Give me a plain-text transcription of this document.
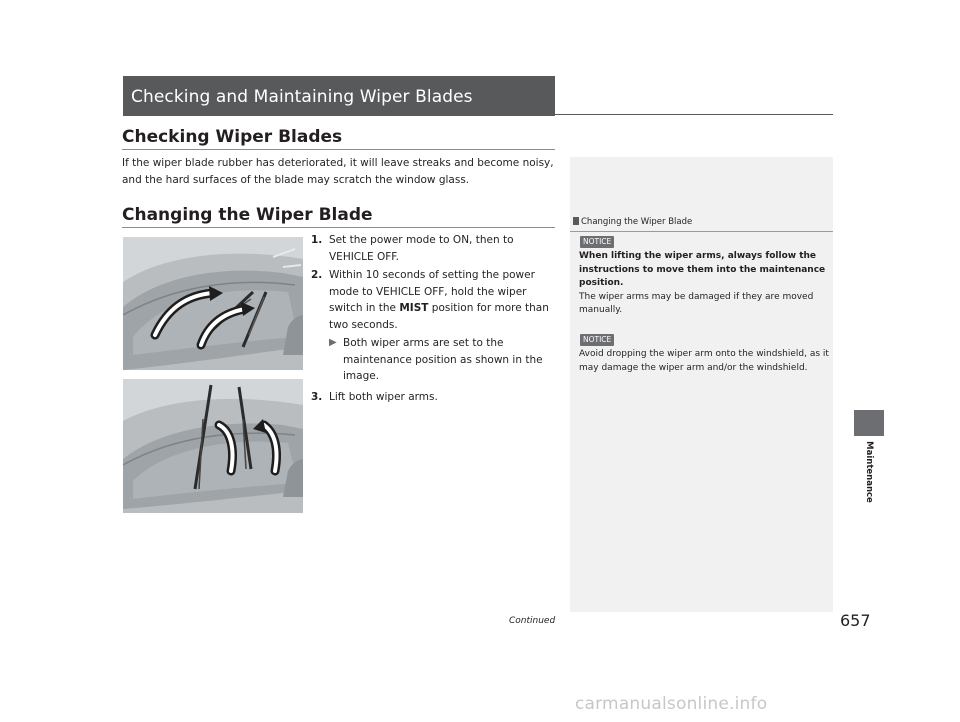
Checking and Maintaining Wiper Blades
Checking Wiper Blades
If the wiper blade rubber has deteriorated, it will leave streaks and become noisy, and the hard surfaces of the blade may scratch the window glass.
Changing the Wiper Blade
1. Set the power mode to ON, then to VEHICLE OFF.
2. Within 10 seconds of setting the power mode to VEHICLE OFF, hold the wiper switch in the MIST position for more than two seconds.
▶ Both wiper arms are set to the maintenance position as shown in the image.
3. Lift both wiper arms.
Changing the Wiper Blade
NOTICE
When lifting the wiper arms, always follow the instructions to move them into the maintenance position.
The wiper arms may be damaged if they are moved manually.
NOTICE
Avoid dropping the wiper arm onto the windshield, as it may damage the wiper arm and/or the windshield.
Maintenance
Continued	657
carmanualsonline.info
